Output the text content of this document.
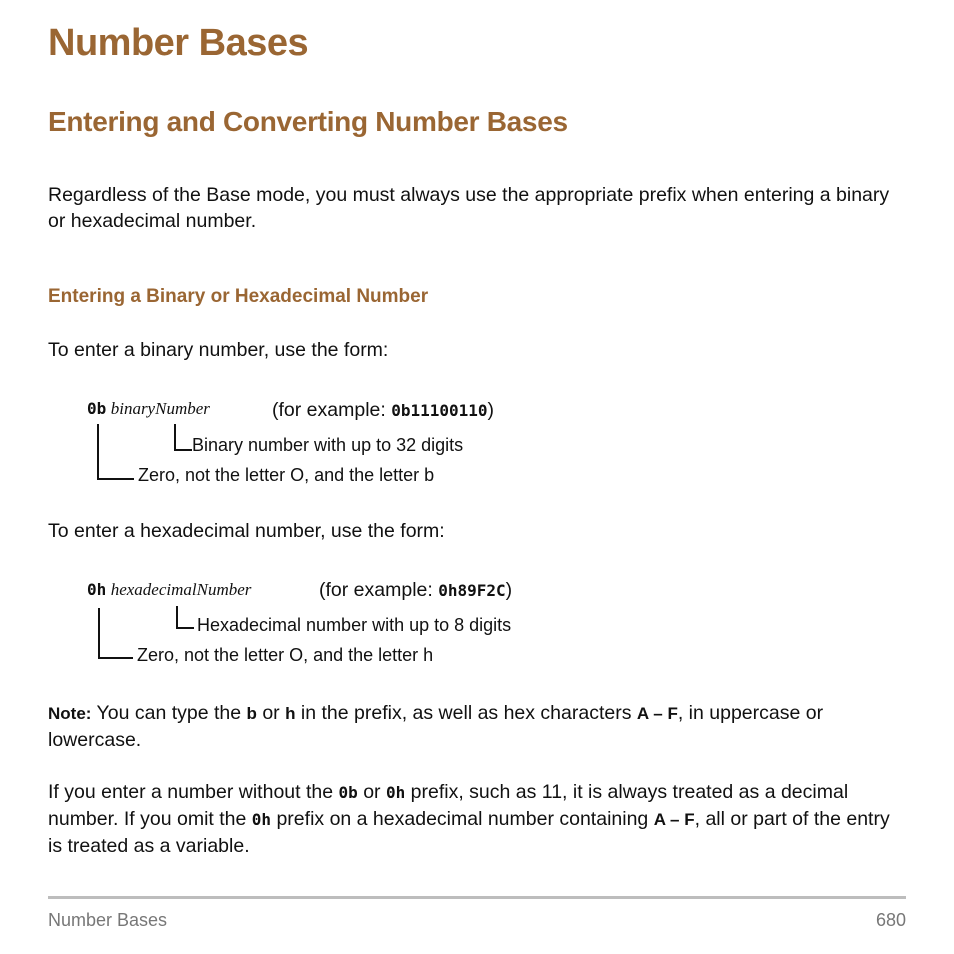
Number Bases
Entering and Converting Number Bases
Regardless of the Base mode, you must always use the appropriate prefix when entering a binary or hexadecimal number.
Entering a Binary or Hexadecimal Number
To enter a binary number, use the form:
0b binaryNumber	(for example: 0b11100110)
Binary number with up to 32 digits
Zero, not the letter O, and the letter b
To enter a hexadecimal number, use the form:
0h hexadecimalNumber	(for example: 0h89F2C)
Hexadecimal number with up to 8 digits
Zero, not the letter O, and the letter h
Note: You can type the b or h in the prefix, as well as hex characters A – F, in uppercase or lowercase.
If you enter a number without the 0b or 0h prefix, such as 11, it is always treated as a decimal number. If you omit the 0h prefix on a hexadecimal number containing A – F, all or part of the entry is treated as a variable.
Number Bases	680
